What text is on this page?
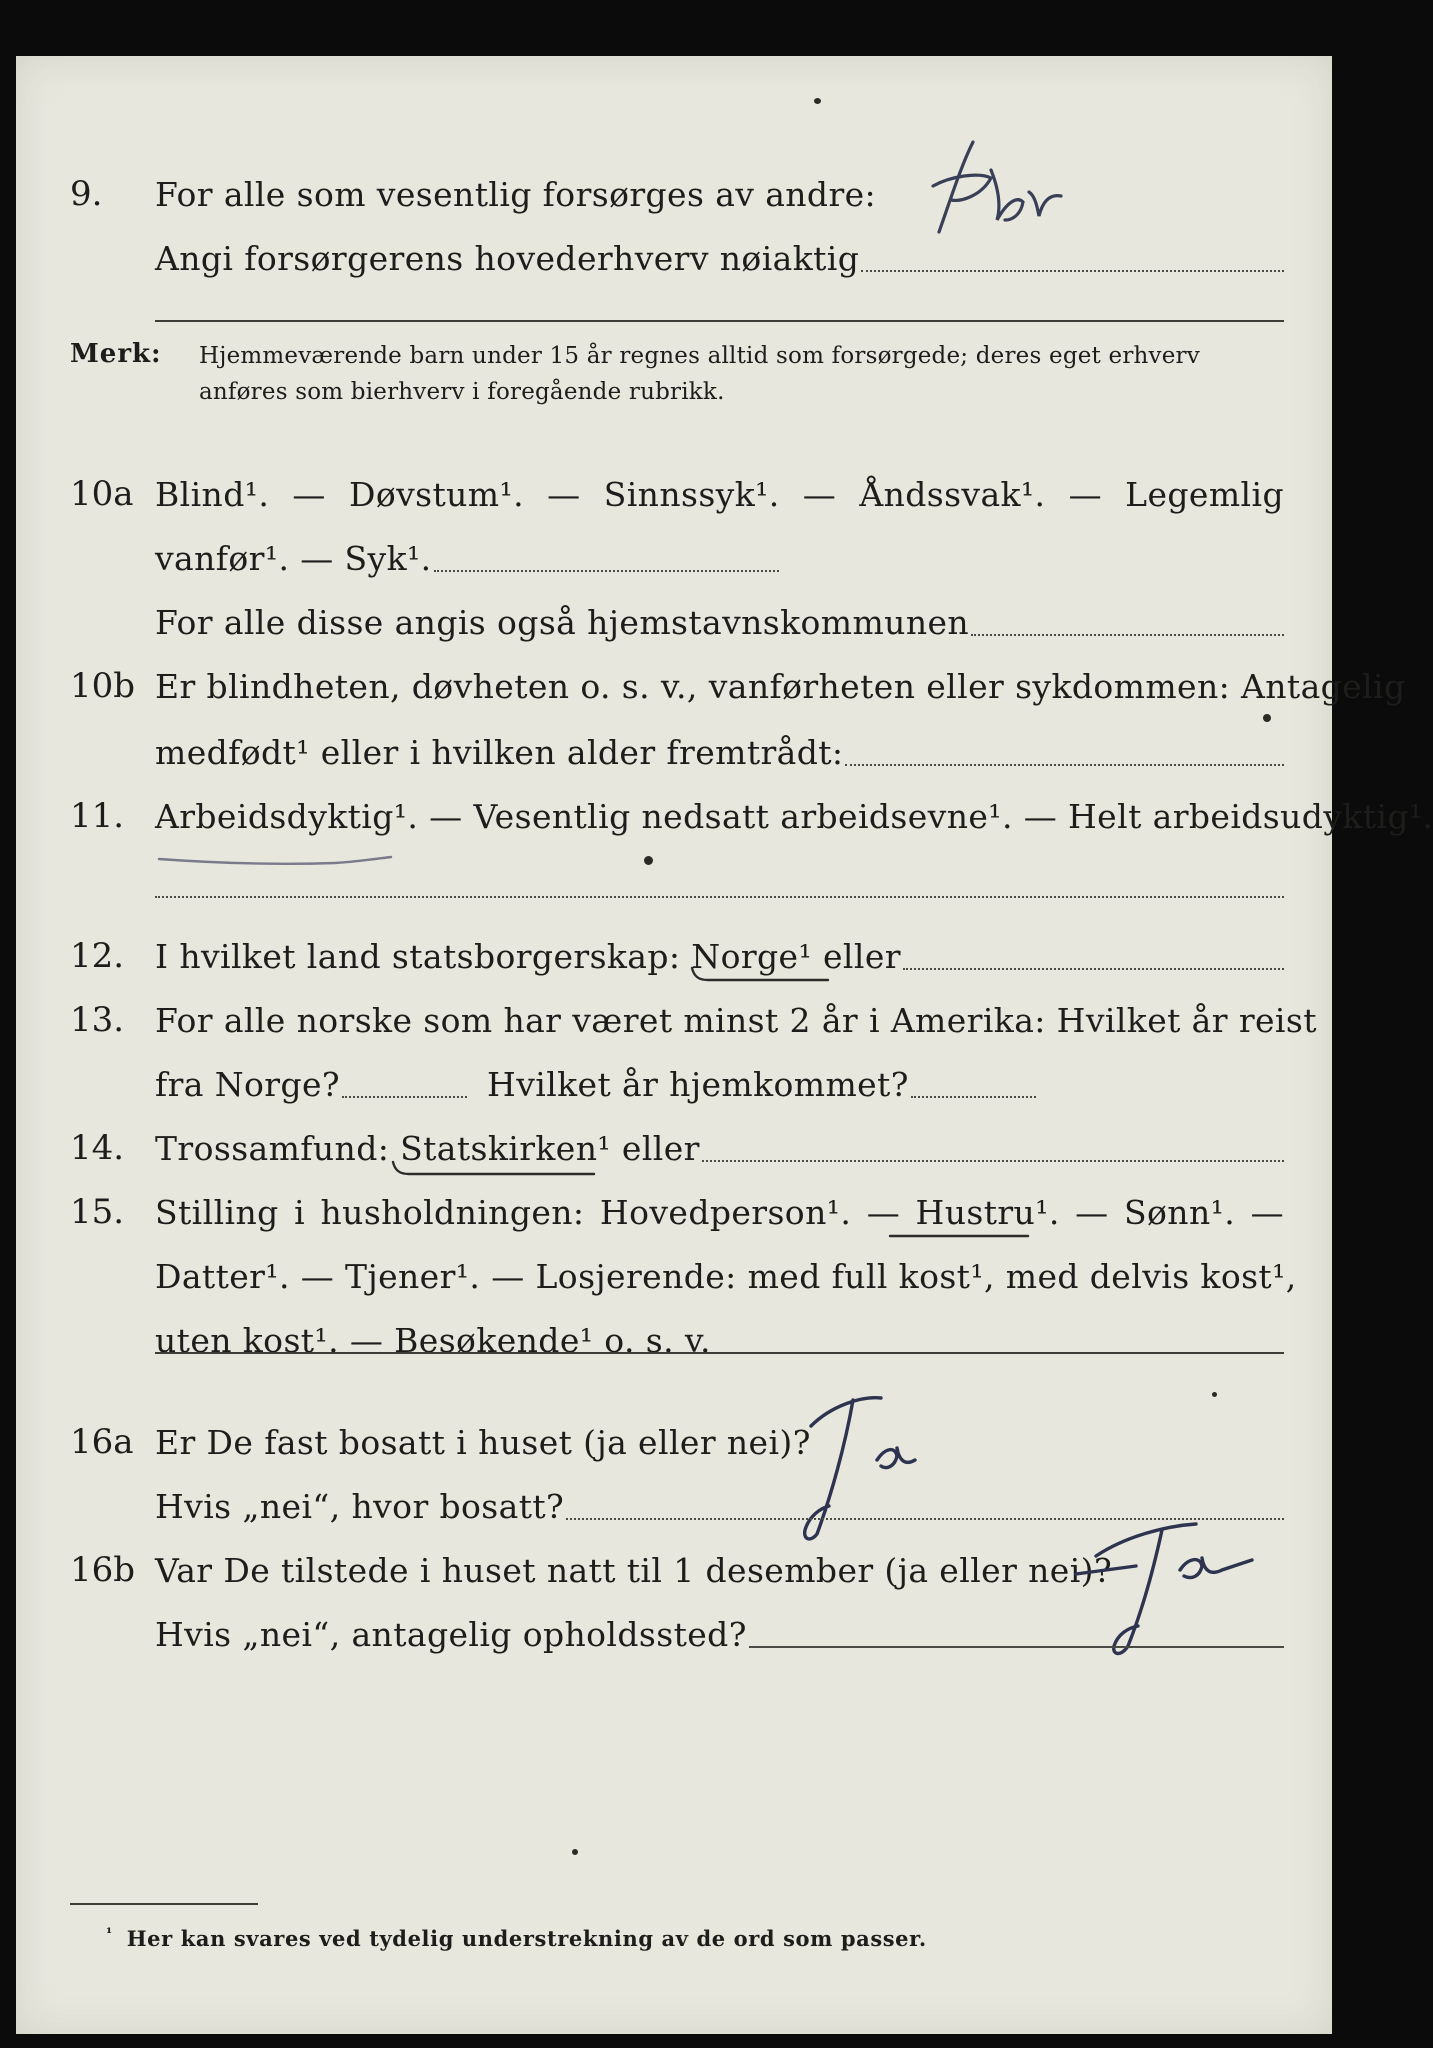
9. For alle som vesentlig forsørges av andre:
Angi forsørgerens hovederhverv nøiaktig
Merk: Hjemmeværende barn under 15 år regnes alltid som forsørgede; deres eget erhverv
anføres som bierhverv i foregående rubrikk.
10a Blind¹. — Døvstum¹. — Sinnssyk¹. — Åndssvak¹. — Legemlig
vanfør¹. — Syk¹.
For alle disse angis også hjemstavnskommunen
10b Er blindheten, døvheten o. s. v., vanførheten eller sykdommen: Antagelig
medfødt¹ eller i hvilken alder fremtrådt:
11. Arbeidsdyktig¹. — Vesentlig nedsatt arbeidsevne¹. — Helt arbeidsudyktig¹.
12. I hvilket land statsborgerskap: Norge¹ eller
13. For alle norske som har været minst 2 år i Amerika: Hvilket år reist
fra Norge?	Hvilket år hjemkommet?
14. Trossamfund: Statskirken¹ eller
15. Stilling i husholdningen: Hovedperson¹. — Hustru¹. — Sønn¹. —
Datter¹. — Tjener¹. — Losjerende: med full kost¹, med delvis kost¹,
uten kost¹. — Besøkende¹ o. s. v.
16a Er De fast bosatt i huset (ja eller nei)?
Ja
Hvis „nei“, hvor bosatt?
16b Var De tilstede i huset natt til 1 desember (ja eller nei)?
Ja
Hvis „nei“, antagelig opholdssted?
$^{^1}$ Her kan svares ved tydelig understrekning av de ord som passer.
